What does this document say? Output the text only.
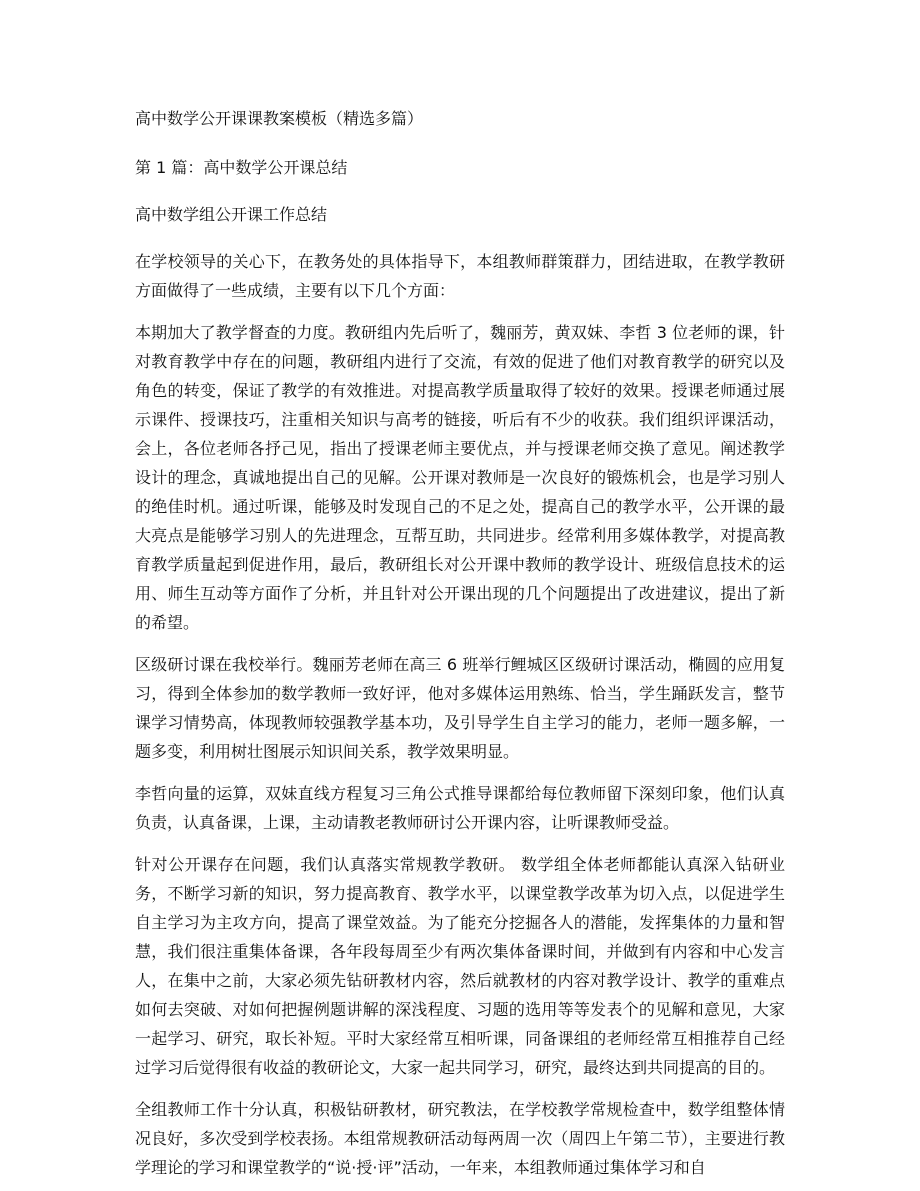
高中数学公开课课教案模板（精选多篇）
第 1 篇：高中数学公开课总结
高中数学组公开课工作总结
在学校领导的关心下，在教务处的具体指导下，本组教师群策群力，团结进取，在教学教研方面做得了一些成绩，主要有以下几个方面：
本期加大了教学督查的力度。教研组内先后听了，魏丽芳，黄双妹、李哲 3 位老师的课，针对教育教学中存在的问题，教研组内进行了交流，有效的促进了他们对教育教学的研究以及角色的转变，保证了教学的有效推进。对提高教学质量取得了较好的效果。授课老师通过展示课件、授课技巧，注重相关知识与高考的链接，听后有不少的收获。我们组织评课活动，会上，各位老师各抒己见，指出了授课老师主要优点，并与授课老师交换了意见。阐述教学设计的理念，真诚地提出自己的见解。公开课对教师是一次良好的锻炼机会，也是学习别人的绝佳时机。通过听课，能够及时发现自己的不足之处，提高自己的教学水平，公开课的最大亮点是能够学习别人的先进理念，互帮互助，共同进步。经常利用多媒体教学，对提高教育教学质量起到促进作用，最后，教研组长对公开课中教师的教学设计、班级信息技术的运用、师生互动等方面作了分析，并且针对公开课出现的几个问题提出了改进建议，提出了新的希望。
区级研讨课在我校举行。魏丽芳老师在高三 6 班举行鲤城区区级研讨课活动，椭圆的应用复习，得到全体参加的数学教师一致好评，他对多媒体运用熟练、恰当，学生踊跃发言，整节课学习情势高，体现教师较强教学基本功，及引导学生自主学习的能力，老师一题多解，一题多变，利用树壮图展示知识间关系，教学效果明显。
李哲向量的运算，双妹直线方程复习三角公式推导课都给每位教师留下深刻印象，他们认真负责，认真备课，上课，主动请教老教师研讨公开课内容，让听课教师受益。
针对公开课存在问题，我们认真落实常规教学教研。 数学组全体老师都能认真深入钻研业务，不断学习新的知识，努力提高教育、教学水平，以课堂教学改革为切入点，以促进学生自主学习为主攻方向，提高了课堂效益。为了能充分挖掘各人的潜能，发挥集体的力量和智慧，我们很注重集体备课，各年段每周至少有两次集体备课时间，并做到有内容和中心发言人，在集中之前，大家必须先钻研教材内容，然后就教材的内容对教学设计、教学的重难点如何去突破、对如何把握例题讲解的深浅程度、习题的选用等等发表个的见解和意见，大家一起学习、研究，取长补短。平时大家经常互相听课，同备课组的老师经常互相推荐自己经过学习后觉得很有收益的教研论文，大家一起共同学习，研究，最终达到共同提高的目的。
全组教师工作十分认真，积极钻研教材，研究教法，在学校教学常规检查中，数学组整体情况良好，多次受到学校表扬。本组常规教研活动每两周一次（周四上午第二节），主要进行教学理论的学习和课堂教学的“说·授·评”活动，一年来，本组教师通过集体学习和自
